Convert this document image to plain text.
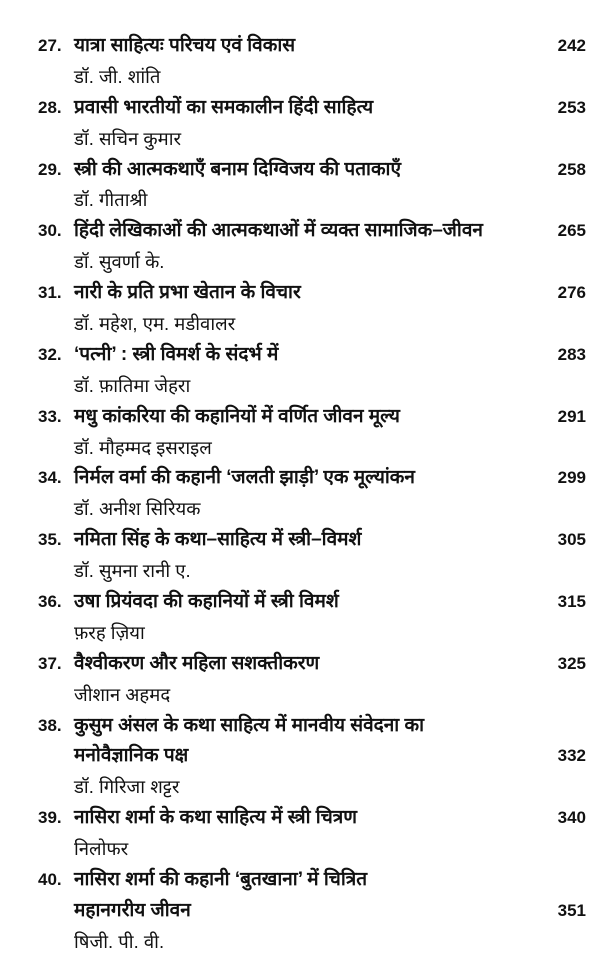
27. यात्रा साहित्यः परिचय एवं विकास	242
डॉ. जी. शांति
28. प्रवासी भारतीयों का समकालीन हिंदी साहित्य	253
डॉ. सचिन कुमार
29. स्त्री की आत्मकथाएँ बनाम दिग्विजय की पताकाएँ	258
डॉ. गीताश्री
30. हिंदी लेखिकाओं की आत्मकथाओं में व्यक्त सामाजिक–जीवन	265
डॉ. सुवर्णा के.
31. नारी के प्रति प्रभा खेतान के विचार	276
डॉ. महेश, एम. मडीवालर
32. ‘पत्नी’ : स्त्री विमर्श के संदर्भ में	283
डॉ. फ़ातिमा जेहरा
33. मधु कांकरिया की कहानियों में वर्णित जीवन मूल्य	291
डॉ. मौहम्मद इसराइल
34. निर्मल वर्मा की कहानी ‘जलती झाड़ी’ एक मूल्यांकन	299
डॉ. अनीश सिरियक
35. नमिता सिंह के कथा–साहित्य में स्त्री–विमर्श	305
डॉ. सुमना रानी ए.
36. उषा प्रियंवदा की कहानियों में स्त्री विमर्श	315
फ़रह ज़िया
37. वैश्वीकरण और महिला सशक्तीकरण	325
जीशान अहमद
38. कुसुम अंसल के कथा साहित्य में मानवीय संवेदना का
मनोवैज्ञानिक पक्ष	332
डॉ. गिरिजा शट्टर
39. नासिरा शर्मा के कथा साहित्य में स्त्री चित्रण	340
निलोफर
40. नासिरा शर्मा की कहानी ‘बुतखाना’ में चित्रित
महानगरीय जीवन	351
षिजी. पी. वी.
